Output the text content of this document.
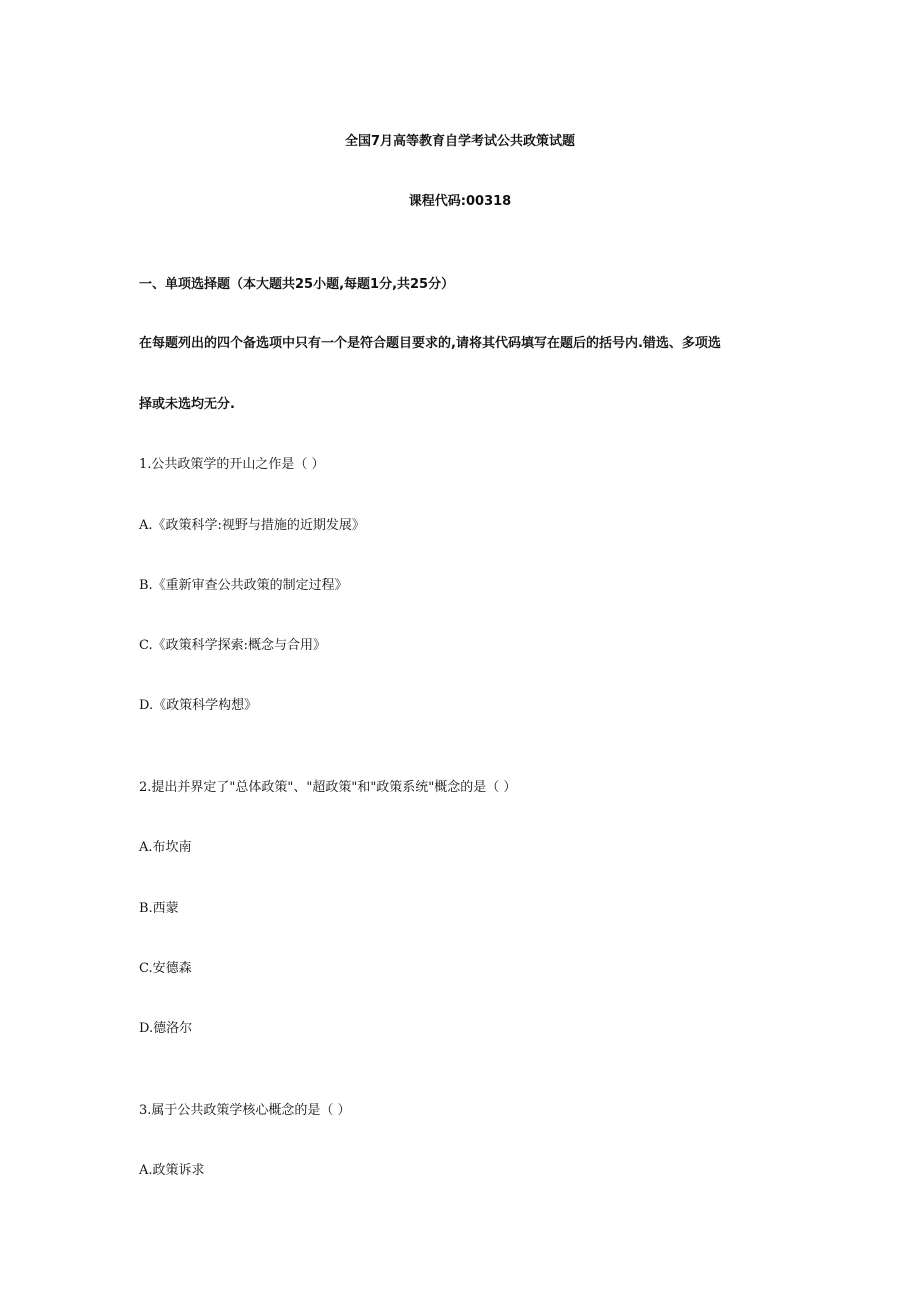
全国7月高等教育自学考试公共政策试题
课程代码:00318
一、单项选择题（本大题共25小题,每题1分,共25分）
在每题列出的四个备选项中只有一个是符合题目要求的,请将其代码填写在题后的括号内.错选、多项选
择或未选均无分.
1.公共政策学的开山之作是（ ）
A.《政策科学:视野与措施的近期发展》
B.《重新审查公共政策的制定过程》
C.《政策科学探索:概念与合用》
D.《政策科学构想》
2.提出并界定了"总体政策"、"超政策"和"政策系统"概念的是（ ）
A.布坎南
B.西蒙
C.安德森
D.德洛尔
3.属于公共政策学核心概念的是（ ）
A.政策诉求
